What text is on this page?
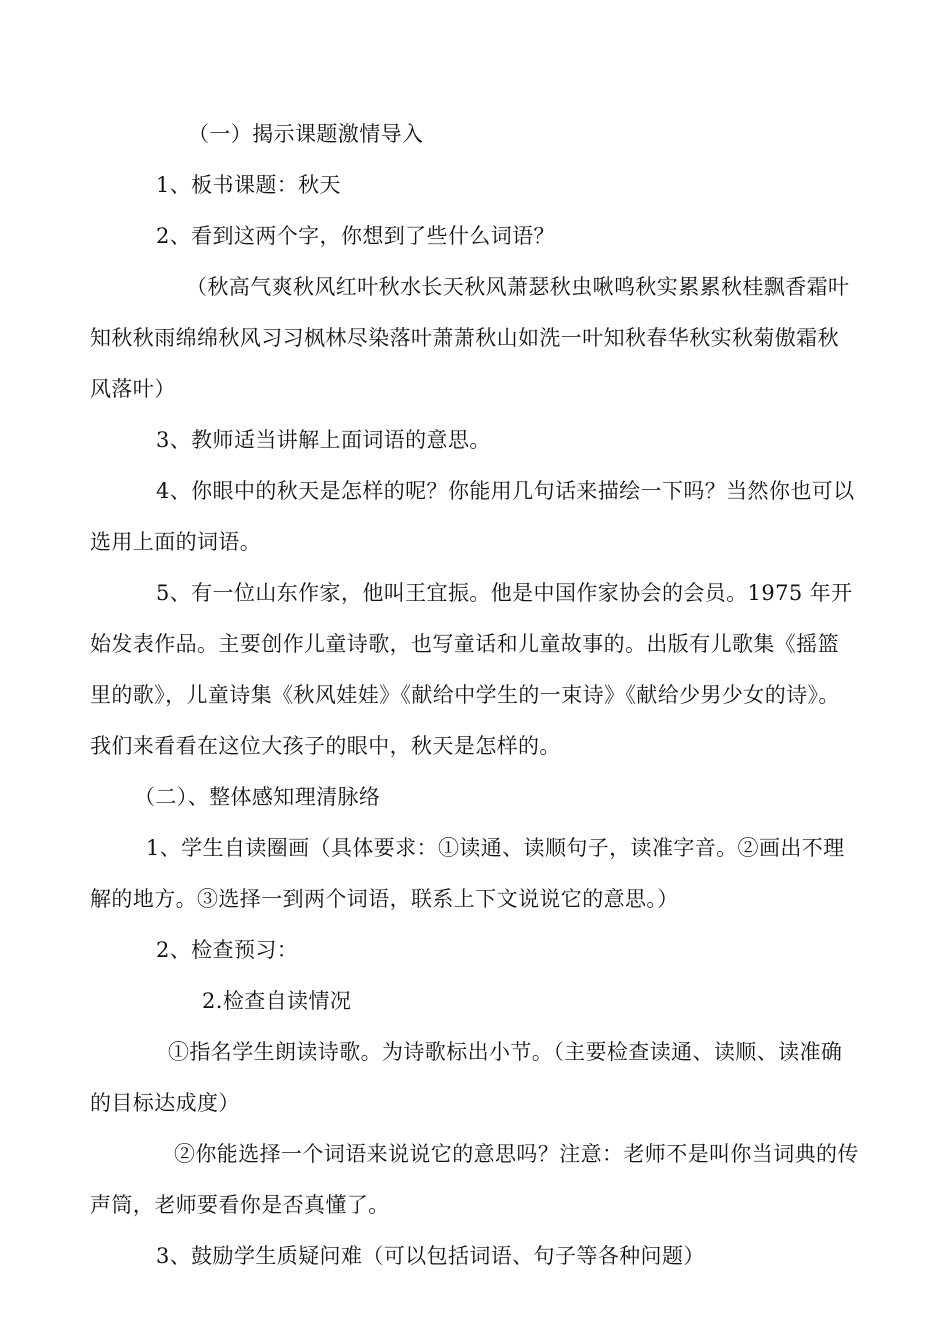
（一）揭示课题激情导入

1、板书课题：秋天

2、看到这两个字，你想到了些什么词语？

（秋高气爽秋风红叶秋水长天秋风萧瑟秋虫啾鸣秋实累累秋桂飘香霜叶知秋秋雨绵绵秋风习习枫林尽染落叶萧萧秋山如洗一叶知秋春华秋实秋菊傲霜秋风落叶）

3、教师适当讲解上面词语的意思。

4、你眼中的秋天是怎样的呢？你能用几句话来描绘一下吗？当然你也可以选用上面的词语。

5、有一位山东作家，他叫王宜振。他是中国作家协会的会员。1975 年开始发表作品。主要创作儿童诗歌，也写童话和儿童故事的。出版有儿歌集《摇篮里的歌》，儿童诗集《秋风娃娃》《献给中学生的一束诗》《献给少男少女的诗》。我们来看看在这位大孩子的眼中，秋天是怎样的。

（二）、整体感知理清脉络

1、学生自读圈画（具体要求：①读通、读顺句子，读准字音。②画出不理解的地方。③选择一到两个词语，联系上下文说说它的意思。）

2、检查预习：

2.检查自读情况

①指名学生朗读诗歌。为诗歌标出小节。（主要检查读通、读顺、读准确的目标达成度）

②你能选择一个词语来说说它的意思吗？注意：老师不是叫你当词典的传声筒，老师要看你是否真懂了。

3、鼓励学生质疑问难（可以包括词语、句子等各种问题）
